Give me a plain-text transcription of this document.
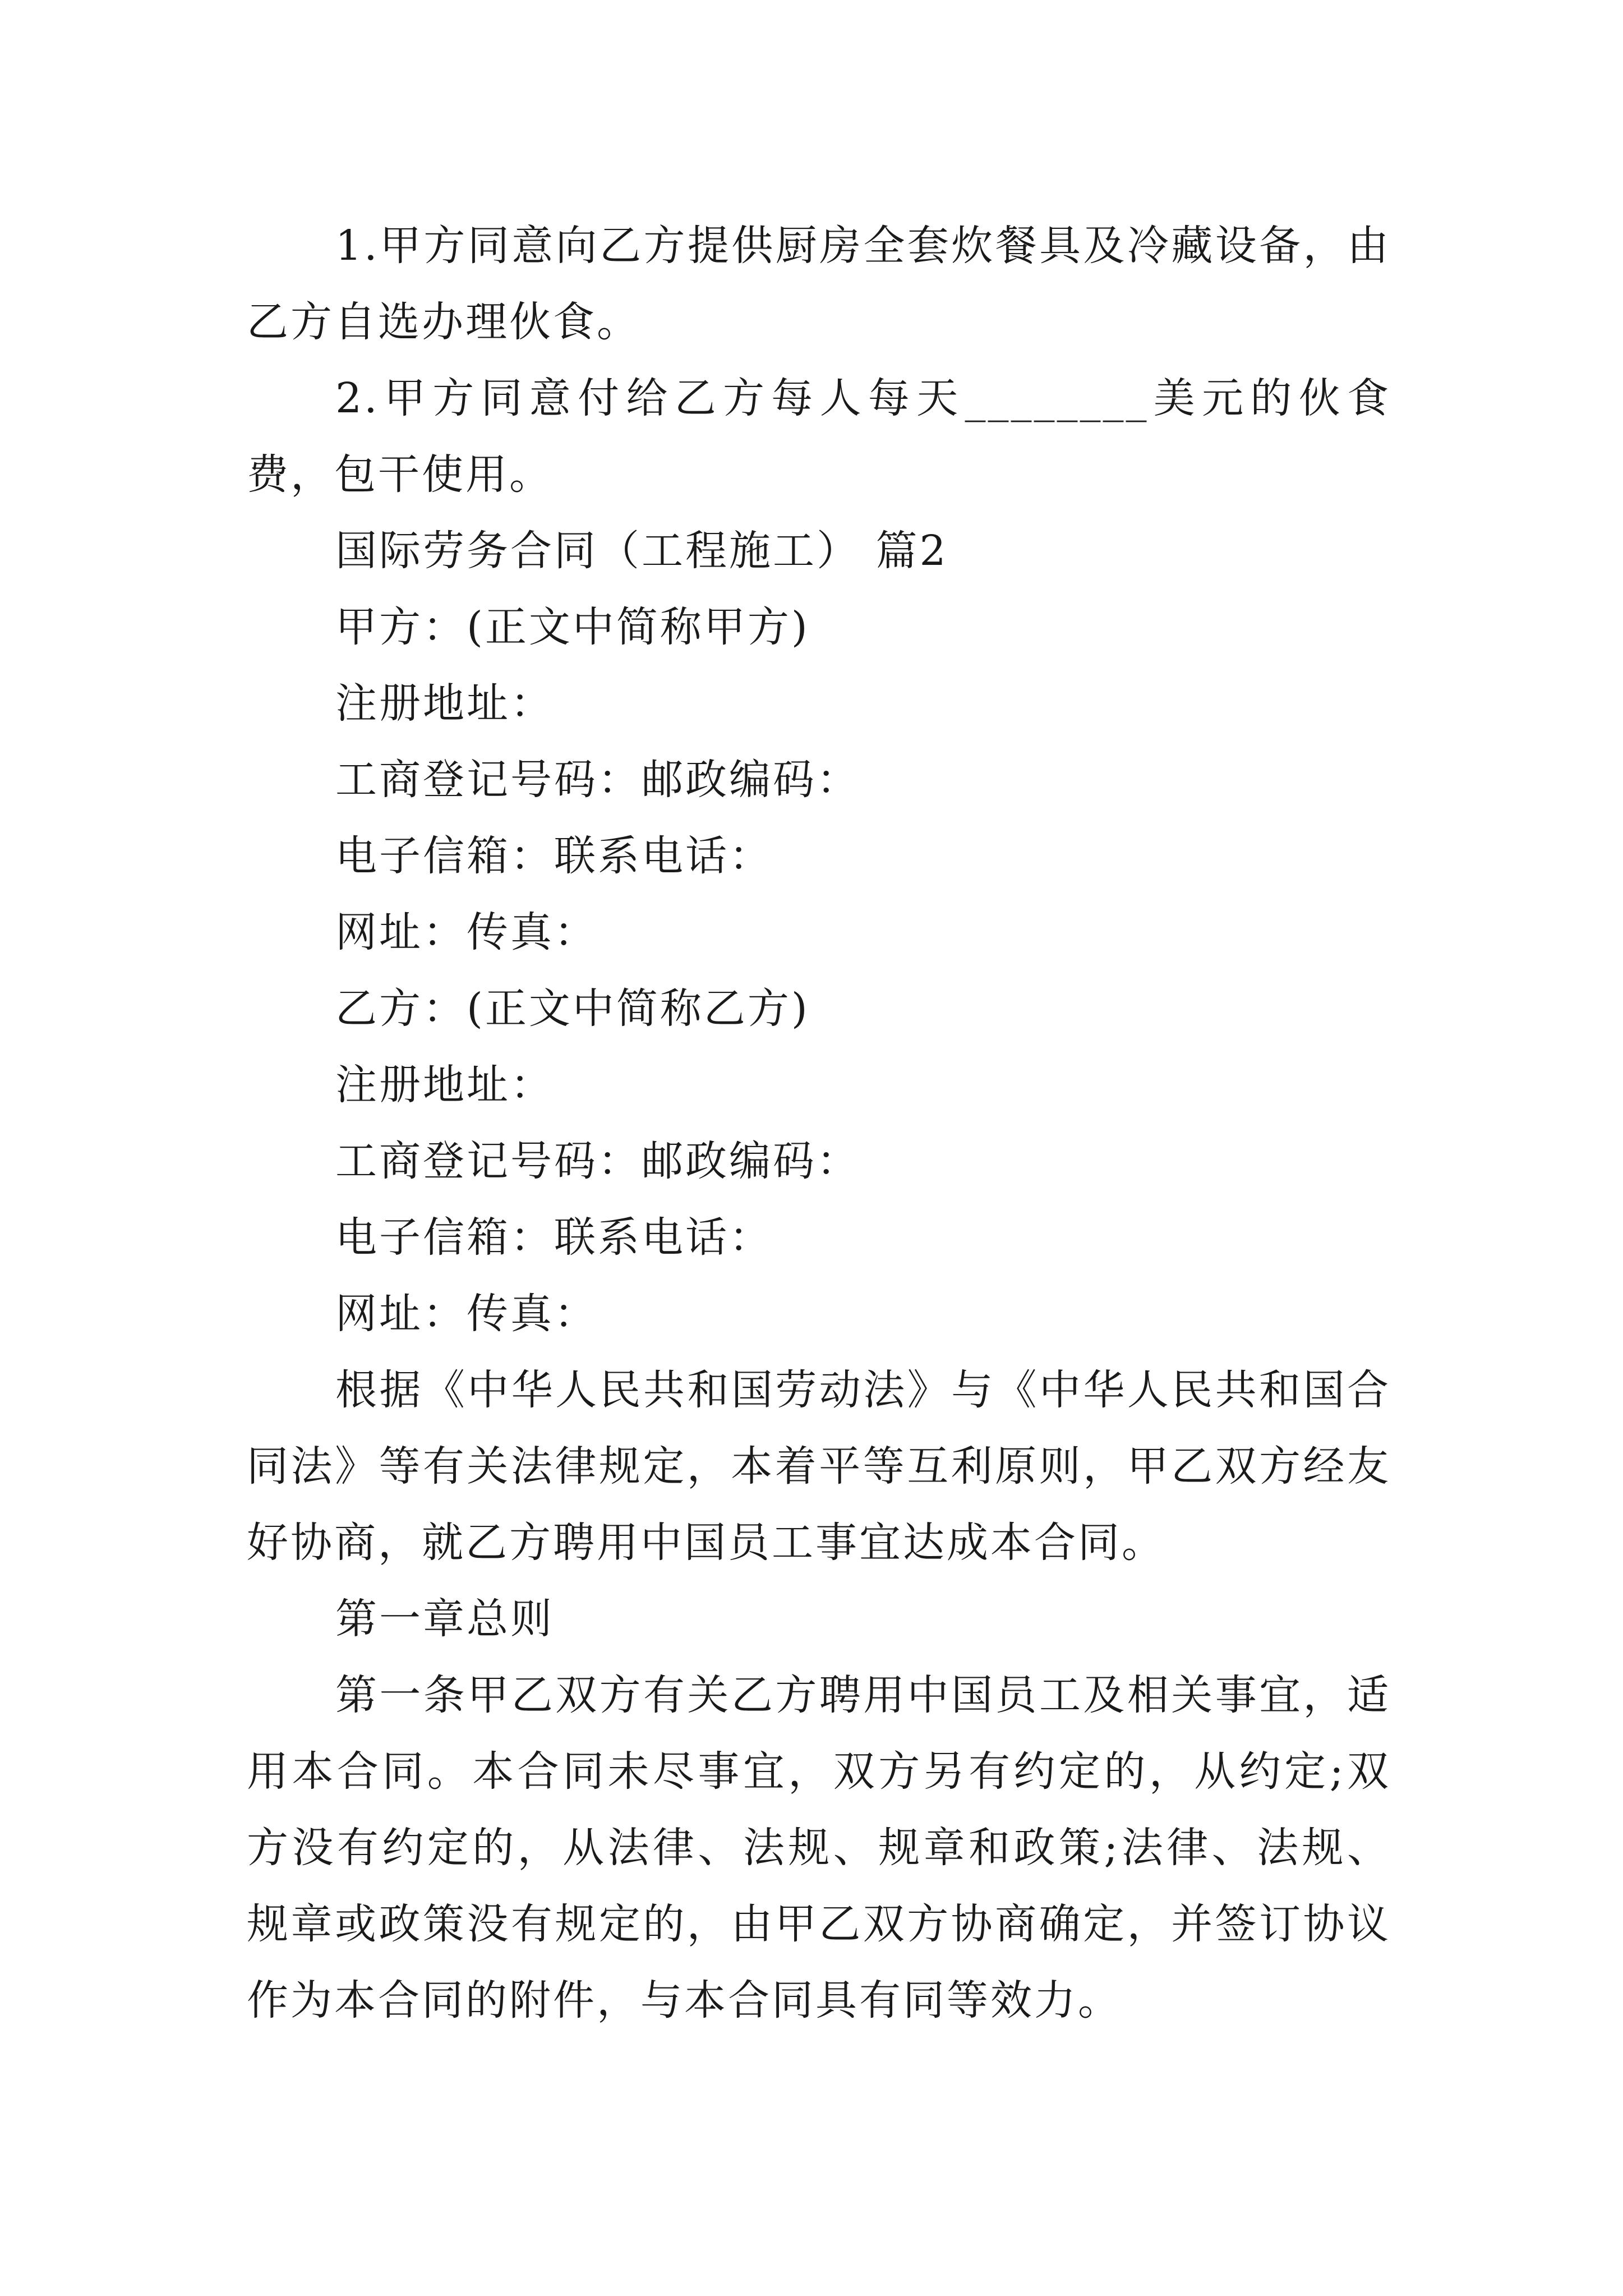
1.甲方同意向乙方提供厨房全套炊餐具及冷藏设备，由乙方自选办理伙食。

2.甲方同意付给乙方每人每天________美元的伙食费，包干使用。

国际劳务合同（工程施工） 篇2

甲方：(正文中简称甲方)

注册地址：

工商登记号码：邮政编码：

电子信箱：联系电话：

网址：传真：

乙方：(正文中简称乙方)

注册地址：

工商登记号码：邮政编码：

电子信箱：联系电话：

网址：传真：

根据《中华人民共和国劳动法》与《中华人民共和国合同法》等有关法律规定，本着平等互利原则，甲乙双方经友好协商，就乙方聘用中国员工事宜达成本合同。

第一章总则

第一条甲乙双方有关乙方聘用中国员工及相关事宜，适用本合同。本合同未尽事宜，双方另有约定的，从约定;双方没有约定的，从法律、法规、规章和政策;法律、法规、规章或政策没有规定的，由甲乙双方协商确定，并签订协议作为本合同的附件，与本合同具有同等效力。
